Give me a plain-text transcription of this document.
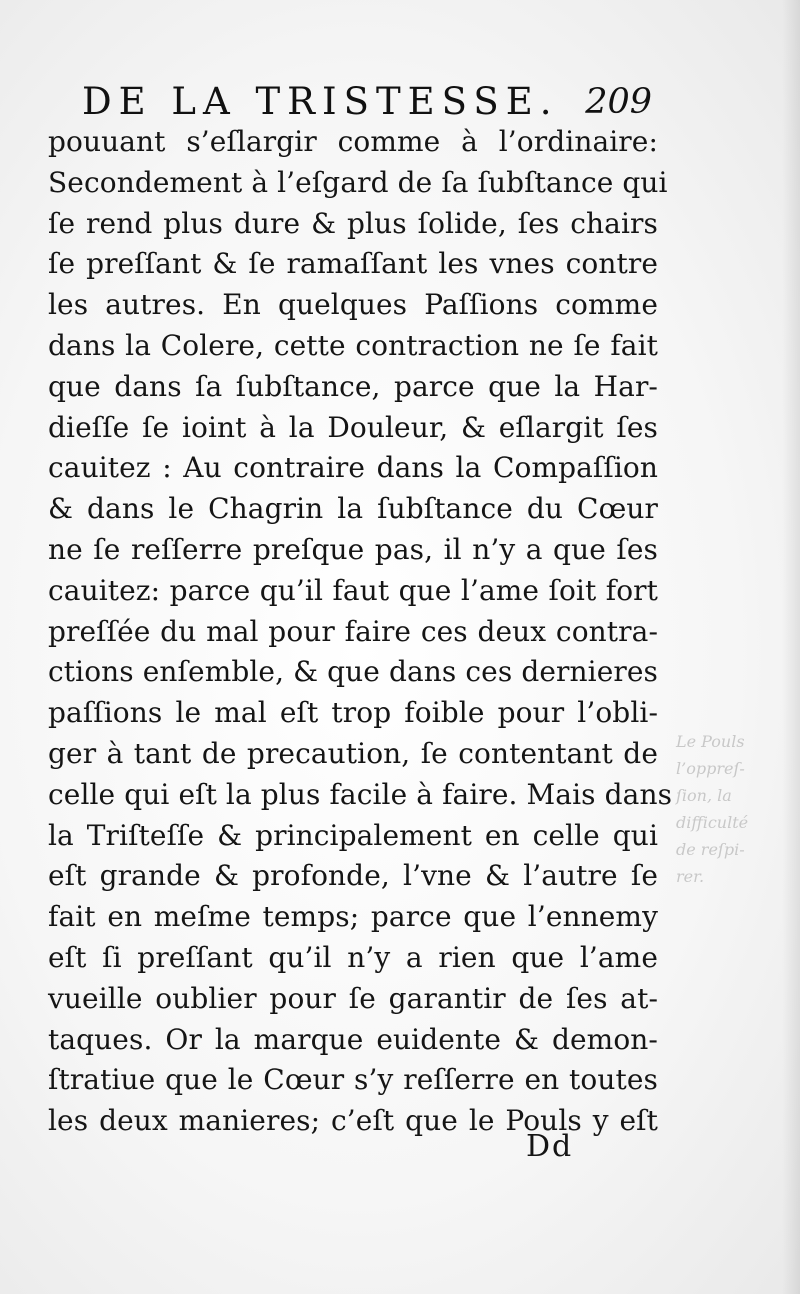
DE LA TRISTESSE. 209
pouuant s’eſlargir comme à l’ordinaire:
Secondement à l’eſgard de ſa ſubſtance qui
ſe rend plus dure & plus ſolide, ſes chairs
ſe preſſant & ſe ramaſſant les vnes contre
les autres. En quelques Paſſions comme
dans la Colere, cette contraction ne ſe fait
que dans ſa ſubſtance, parce que la Har-
dieſſe ſe ioint à la Douleur, & eſlargit ſes
cauitez : Au contraire dans la Compaſſion
& dans le Chagrin la ſubſtance du Cœur
ne ſe reſſerre preſque pas, il n’y a que ſes
cauitez: parce qu’il faut que l’ame ſoit fort
preſſée du mal pour faire ces deux contra-
ctions enſemble, & que dans ces dernieres
paſſions le mal eſt trop foible pour l’obli-
ger à tant de precaution, ſe contentant de
celle qui eſt la plus facile à faire. Mais dans
la Triſteſſe & principalement en celle qui
eſt grande & profonde, l’vne & l’autre ſe
fait en meſme temps; parce que l’ennemy
eſt ſi preſſant qu’il n’y a rien que l’ame
vueille oublier pour ſe garantir de ſes at-
taques. Or la marque euidente & demon-
ſtratiue que le Cœur s’y reſſerre en toutes
les deux manieres; c’eſt que le Pouls y eſt
Dd
Le Pouls
l’oppreſ-
ſion, la
difficulté
de reſpi-
rer.
